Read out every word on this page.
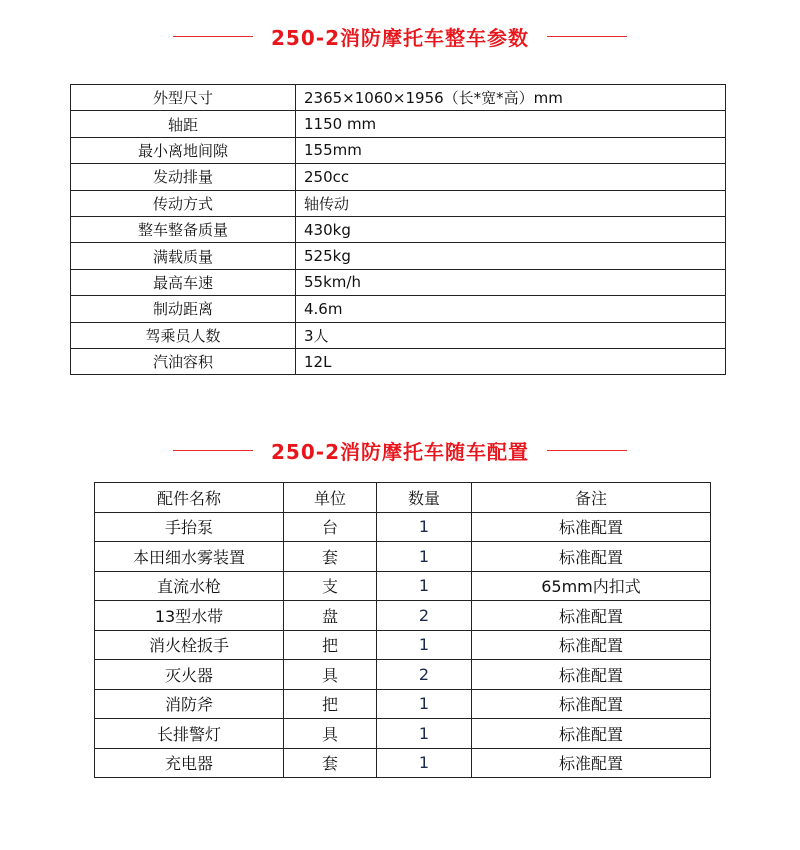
250-2消防摩托车整车参数
外型尺寸	2365×1060×1956（长*宽*高）mm
轴距	1150 mm
最小离地间隙	155mm
发动排量	250cc
传动方式	轴传动
整车整备质量	430kg
满载质量	525kg
最高车速	55km/h
制动距离	4.6m
驾乘员人数	3人
汽油容积	12L
250-2消防摩托车随车配置
配件名称	单位	数量	备注
手抬泵	台	1	标准配置
本田细水雾装置	套	1	标准配置
直流水枪	支	1	65mm内扣式
13型水带	盘	2	标准配置
消火栓扳手	把	1	标准配置
灭火器	具	2	标准配置
消防斧	把	1	标准配置
长排警灯	具	1	标准配置
充电器	套	1	标准配置
